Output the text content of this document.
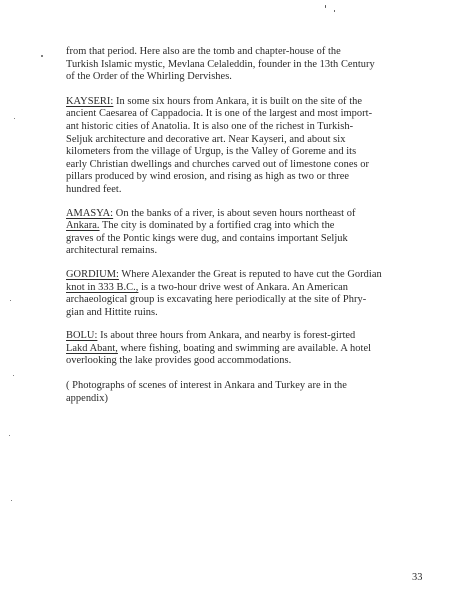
from that period. Here also are the tomb and chapter-house of the
Turkish Islamic mystic, Mevlana Celaleddin, founder in the 13th Century
of the Order of the Whirling Dervishes.

KAYSERI: In some six hours from Ankara, it is built on the site of the
ancient Caesarea of Cappadocia. It is one of the largest and most import-
ant historic cities of Anatolia. It is also one of the richest in Turkish-
Seljuk architecture and decorative art. Near Kayseri, and about six
kilometers from the village of Urgup, is the Valley of Goreme and its
early Christian dwellings and churches carved out of limestone cones or
pillars produced by wind erosion, and rising as high as two or three
hundred feet.

AMASYA: On the banks of a river, is about seven hours northeast of
Ankara. The city is dominated by a fortified crag into which the
graves of the Pontic kings were dug, and contains important Seljuk
architectural remains.

GORDIUM: Where Alexander the Great is reputed to have cut the Gordian
knot in 333 B.C., is a two-hour drive west of Ankara. An American
archaeological group is excavating here periodically at the site of Phry-
gian and Hittite ruins.

BOLU: Is about three hours from Ankara, and nearby is forest-girted
Lakd Abant, where fishing, boating and swimming are available. A hotel
overlooking the lake provides good accommodations.

( Photographs of scenes of interest in Ankara and Turkey are in the
appendix)

33
